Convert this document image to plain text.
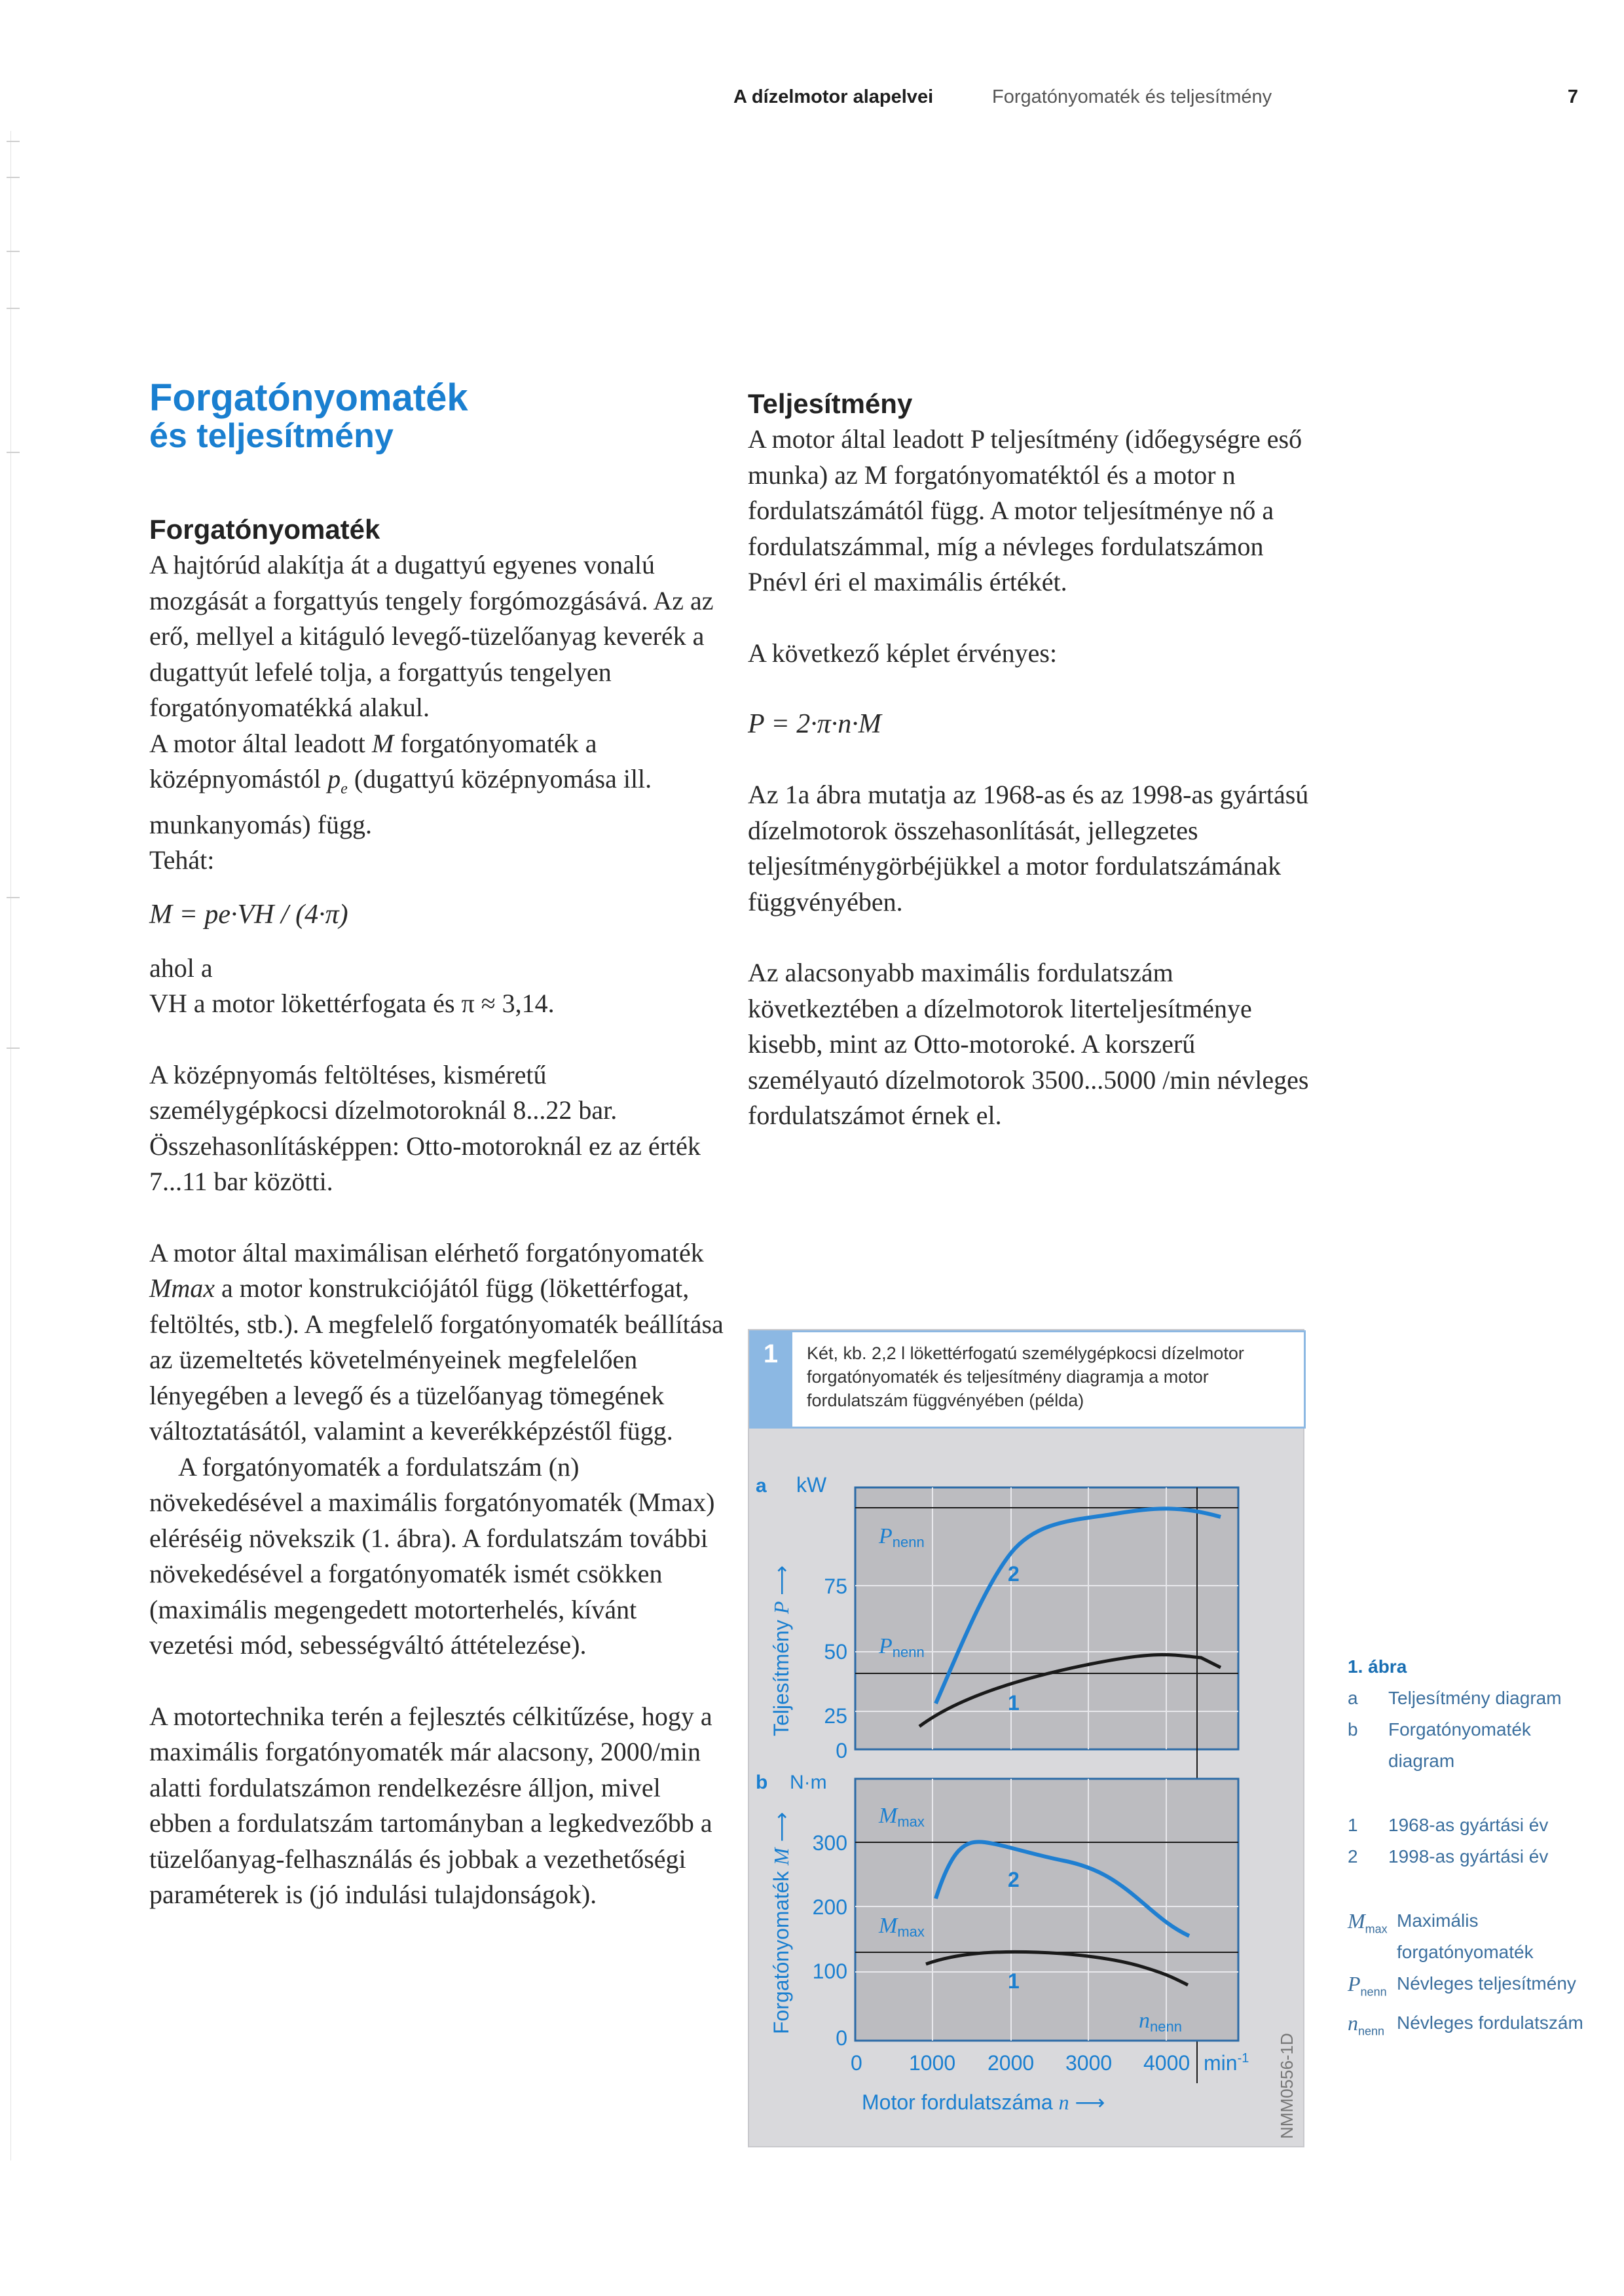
A dízelmotor alapelvei	Forgatónyomaték és teljesítmény	7
Forgatónyomaték
és teljesítmény
Forgatónyomaték

A hajtórúd alakítja át a dugattyú egyenes vonalú mozgását a forgattyús tengely forgómozgásává. Az az erő, mellyel a kitáguló levegő-tüzelőanyag keverék a dugattyút lefelé tolja, a forgattyús tengelyen forgatónyomatékká alakul.

A motor által leadott M forgatónyomaték a középnyomástól $p_e$ (dugattyú középnyomása ill. munkanyomás) függ.

Tehát:

M = pe·VH / (4·π)

ahol a

VH a motor lökettérfogata és π ≈ 3,14.

A középnyomás feltöltéses, kisméretű személygépkocsi dízelmotoroknál 8...22 bar. Összehasonlításképpen: Otto-motoroknál ez az érték 7...11 bar közötti.

A motor által maximálisan elérhető forgatónyomaték Mmax a motor konstrukciójától függ (lökettérfogat, feltöltés, stb.). A megfelelő forgatónyomaték beállítása az üzemeltetés követelményeinek megfelelően lényegében a levegő és a tüzelőanyag tömegének változtatásától, valamint a keverékképzéstől függ.

A forgatónyomaték a fordulatszám (n) növekedésével a maximális forgatónyomaték (Mmax) eléréséig növekszik (1. ábra). A fordulatszám további növekedésével a forgatónyomaték ismét csökken (maximális megengedett motorterhelés, kívánt vezetési mód, sebességváltó áttételezése).

A motortechnika terén a fejlesztés célkitűzése, hogy a maximális forgatónyomaték már alacsony, 2000/min alatti fordulatszámon rendelkezésre álljon, mivel ebben a fordulatszám tartományban a legkedvezőbb a tüzelőanyag-felhasználás és jobbak a vezethetőségi paraméterek is (jó indulási tulajdonságok).

Teljesítmény

A motor által leadott P teljesítmény (időegységre eső munka) az M forgatónyomatéktól és a motor n fordulatszámától függ. A motor teljesítménye nő a fordulatszámmal, míg a névleges fordulatszámon Pnévl éri el maximális értékét.

A következő képlet érvényes:

P = 2·π·n·M

Az 1a ábra mutatja az 1968-as és az 1998-as gyártású dízelmotorok összehasonlítását, jellegzetes teljesítménygörbéjükkel a motor fordulatszámának függvényében.

Az alacsonyabb maximális fordulatszám következtében a dízelmotorok literteljesítménye kisebb, mint az Otto-motoroké. A korszerű személyautó dízelmotorok 3500...5000 /min névleges fordulatszámot érnek el.

1	Két, kb. 2,2 l lökettérfogatú személygépkocsi dízelmotor forgatónyomaték és teljesítmény diagramja a motor fordulatszám függvényében (példa)
a kW
75
50
25
0
Pnenn
Pnenn
2
1
Teljesítmény P ⟶
b N·m
300
200
100
0
Mmax
Mmax
2
1
nnenn
Forgatónyomaték M ⟶
0 1000 2000 3000 4000 $\min^{-1}$
Motor fordulatszáma n ⟶	NMM0556-1D
1. ábra
a	Teljesítmény diagram
b	Forgatónyomaték diagram
1	1968-as gyártási év
2	1998-as gyártási év
$M_{max}$ Maximális forgatónyomaték
$P_{nenn}$ Névleges teljesítmény
$n_{nenn}$ Névleges fordulatszám
